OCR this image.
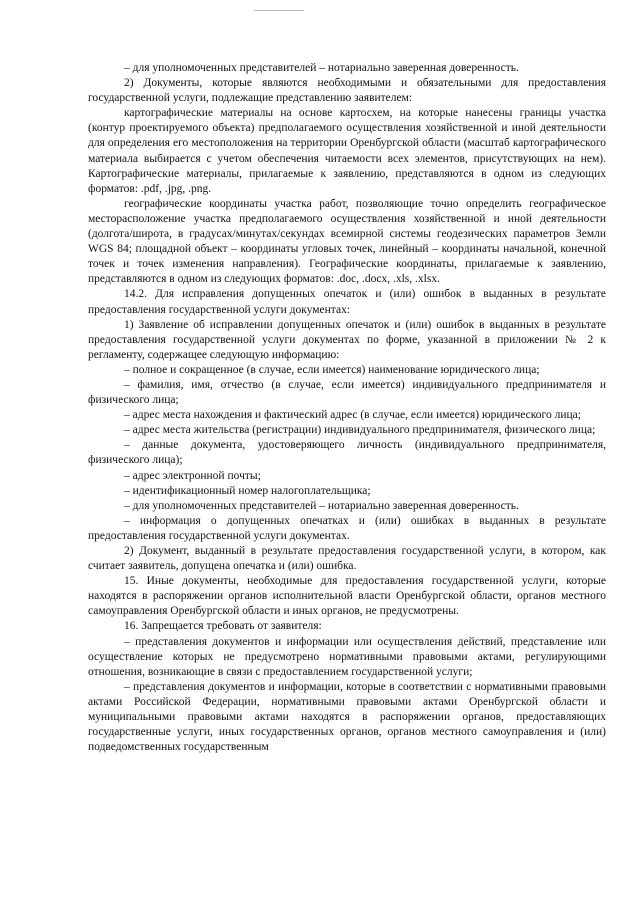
– для уполномоченных представителей – нотариально заверенная доверенность.

2) Документы, которые являются необходимыми и обязательными для предоставления государственной услуги, подлежащие представлению заявителем:

картографические материалы на основе картосхем, на которые нанесены границы участка (контур проектируемого объекта) предполагаемого осуществления хозяйственной и иной деятельности для определения его местоположения на территории Оренбургской области (масштаб картографического материала выбирается с учетом обеспечения читаемости всех элементов, присутствующих на нем). Картографические материалы, прилагаемые к заявлению, представляются в одном из следующих форматов: .pdf, .jpg, .png.

географические координаты участка работ, позволяющие точно определить географическое месторасположение участка предполагаемого осуществления хозяйственной и иной деятельности (долгота/широта, в градусах/минутах/секундах всемирной системы геодезических параметров Земли WGS 84; площадной объект – координаты угловых точек, линейный – координаты начальной, конечной точек и точек изменения направления). Географические координаты, прилагаемые к заявлению, представляются в одном из следующих форматов: .doc, .docx, .xls, .xlsx.

14.2. Для исправления допущенных опечаток и (или) ошибок в выданных в результате предоставления государственной услуги документах:

1) Заявление об исправлении допущенных опечаток и (или) ошибок в выданных в результате предоставления государственной услуги документах по форме, указанной в приложении № 2 к регламенту, содержащее следующую информацию:

– полное и сокращенное (в случае, если имеется) наименование юридического лица;

– фамилия, имя, отчество (в случае, если имеется) индивидуального предпринимателя и физического лица;

– адрес места нахождения и фактический адрес (в случае, если имеется) юридического лица;

– адрес места жительства (регистрации) индивидуального предпринимателя, физического лица;

– данные документа, удостоверяющего личность (индивидуального предпринимателя, физического лица);

– адрес электронной почты;

– идентификационный номер налогоплательщика;

– для уполномоченных представителей – нотариально заверенная доверенность.

– информация о допущенных опечатках и (или) ошибках в выданных в результате предоставления государственной услуги документах.

2) Документ, выданный в результате предоставления государственной услуги, в котором, как считает заявитель, допущена опечатка и (или) ошибка.

15. Иные документы, необходимые для предоставления государственной услуги, которые находятся в распоряжении органов исполнительной власти Оренбургской области, органов местного самоуправления Оренбургской области и иных органов, не предусмотрены.

16. Запрещается требовать от заявителя:

– представления документов и информации или осуществления действий, представление или осуществление которых не предусмотрено нормативными правовыми актами, регулирующими отношения, возникающие в связи с предоставлением государственной услуги;

– представления документов и информации, которые в соответствии с нормативными правовыми актами Российской Федерации, нормативными правовыми актами Оренбургской области и муниципальными правовыми актами находятся в распоряжении органов, предоставляющих государственные услуги, иных государственных органов, органов местного самоуправления и (или) подведомственных государственным
